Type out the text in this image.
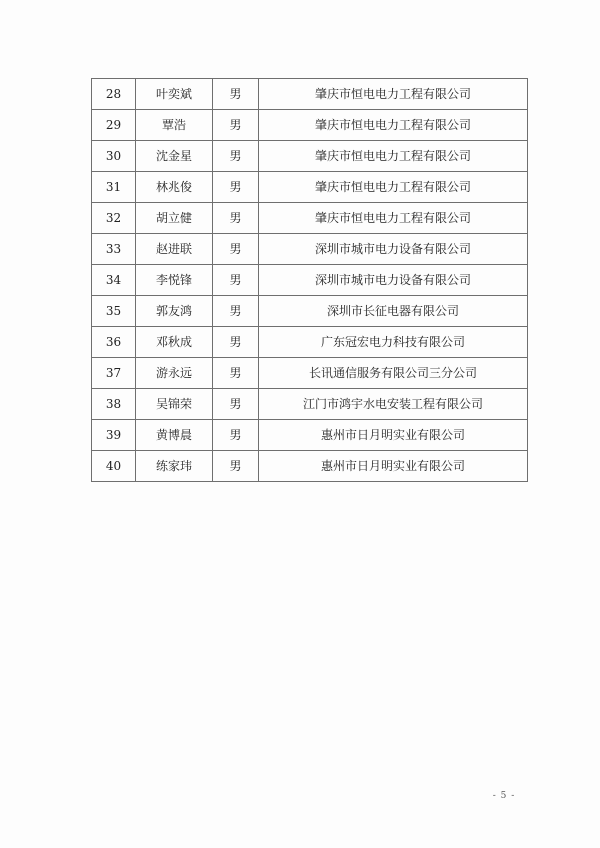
28	叶奕斌	男	肇庆市恒电电力工程有限公司
29	覃浩	男	肇庆市恒电电力工程有限公司
30	沈金星	男	肇庆市恒电电力工程有限公司
31	林兆俊	男	肇庆市恒电电力工程有限公司
32	胡立健	男	肇庆市恒电电力工程有限公司
33	赵进联	男	深圳市城市电力设备有限公司
34	李悦锋	男	深圳市城市电力设备有限公司
35	郭友鸿	男	深圳市长征电器有限公司
36	邓秋成	男	广东冠宏电力科技有限公司
37	游永远	男	长讯通信服务有限公司三分公司
38	吴锦荣	男	江门市鸿宇水电安装工程有限公司
39	黄博晨	男	惠州市日月明实业有限公司
40	练家玮	男	惠州市日月明实业有限公司
- 5 -
